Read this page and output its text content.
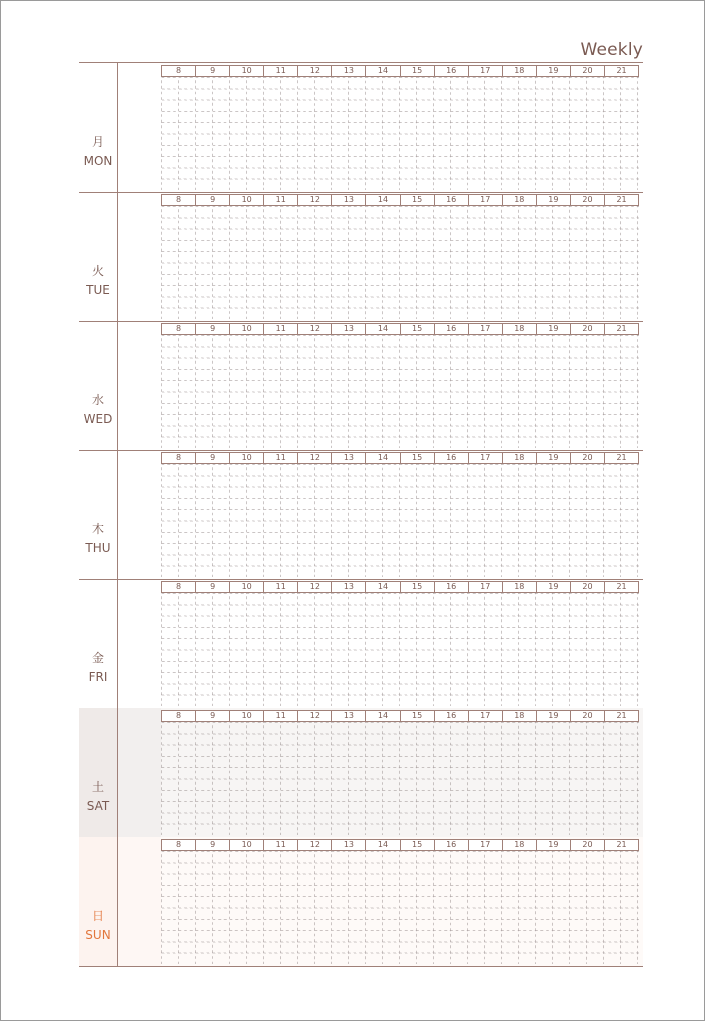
Weekly
月
MON
8	9	10	11	12	13	14	15	16	17	18	19	20	21
火
TUE
8	9	10	11	12	13	14	15	16	17	18	19	20	21
水
WED
8	9	10	11	12	13	14	15	16	17	18	19	20	21
木
THU
8	9	10	11	12	13	14	15	16	17	18	19	20	21
金
FRI
8	9	10	11	12	13	14	15	16	17	18	19	20	21
土
SAT
8	9	10	11	12	13	14	15	16	17	18	19	20	21
日
SUN
8	9	10	11	12	13	14	15	16	17	18	19	20	21
